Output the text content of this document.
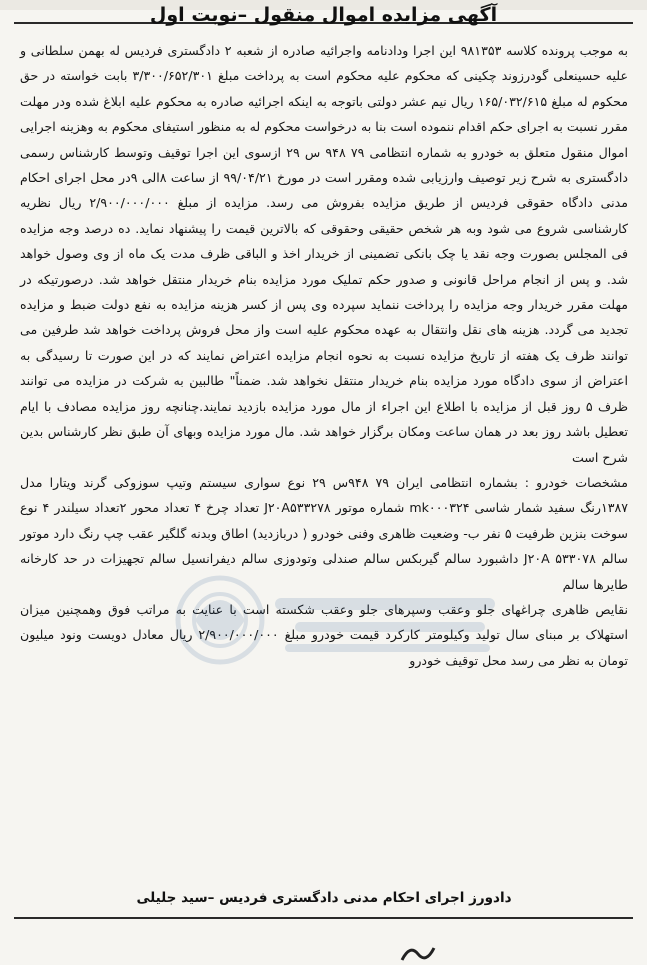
آگهی مزایده اموال منقول –نوبت اول

به موجب پرونده کلاسه ۹۸۱۳۵۳ این اجرا ودادنامه واجرائیه صادره از شعبه ۲ دادگستری فردیس له بهمن سلطانی و علیه حسینعلی گودرزوند چکینی که محکوم علیه محکوم است به پرداخت مبلغ ۳/۳۰۰/۶۵۲/۳۰۱ بابت خواسته در حق محکوم له مبلغ ۱۶۵/۰۳۲/۶۱۵ ریال نیم عشر دولتی باتوجه به اینکه اجرائیه صادره به محکوم علیه ابلاغ شده ودر مهلت مقرر نسبت به اجرای حکم اقدام ننموده است بنا به درخواست محکوم له به منظور استیفای محکوم به وهزینه اجرایی اموال منقول متعلق به خودرو به شماره انتظامی ۷۹ ۹۴۸ س ۲۹ ازسوی این اجرا توقیف وتوسط کارشناس رسمی دادگستری به شرح زیر توصیف وارزیابی شده ومقرر است در مورخ ۹۹/۰۴/۲۱ از ساعت ۸الی ۹در محل اجرای احکام مدنی دادگاه حقوقی فردیس از طریق مزایده بفروش می رسد. مزایده از مبلغ ۲/۹۰۰/۰۰۰/۰۰۰ ریال نظریه کارشناسی شروع می شود وبه هر شخص حقیقی وحقوقی که بالاترین قیمت را پیشنهاد نماید. ده درصد وجه مزایده فی المجلس بصورت وجه نقد یا چک بانکی تضمینی از خریدار اخذ و الباقی ظرف مدت یک ماه از وی وصول خواهد شد. و پس از انجام مراحل قانونی و صدور حکم تملیک مورد مزایده بنام خریدار منتقل خواهد شد. درصورتیکه در مهلت مقرر خریدار وجه مزایده را پرداخت ننماید سپرده وی پس از کسر هزینه مزایده به نفع دولت ضبط و مزایده تجدید می گردد. هزینه های نقل وانتقال به عهده محکوم علیه است واز محل فروش پرداخت خواهد شد طرفین می توانند ظرف یک هفته از تاریخ مزایده نسبت به نحوه انجام مزایده اعتراض نمایند که در این صورت تا رسیدگی به اعتراض از سوی دادگاه مورد مزایده بنام خریدار منتقل نخواهد شد. ضمناً" طالبین به شرکت در مزایده می توانند ظرف ۵ روز قبل از مزایده با اطلاع این اجراء از مال مورد مزایده بازدید نمایند.چنانچه روز مزایده مصادف با ایام تعطیل باشد روز بعد در همان ساعت ومکان برگزار خواهد شد. مال مورد مزایده وبهای آن طبق نظر کارشناس بدین شرح است

مشخصات خودرو : بشماره انتظامی ایران ۷۹ ۹۴۸س ۲۹ نوع سواری سیستم وتیپ سوزوکی گرند ویتارا مدل ۱۳۸۷رنگ سفید شمار شاسی mk۰۰۰۳۲۴ شماره موتور J۲۰A۵۳۳۲۷۸ تعداد چرخ ۴ تعداد محور ۲تعداد سیلندر ۴ نوع سوخت بنزین ظرفیت ۵ نفر ب- وضعیت ظاهری وفنی خودرو ( دربازدید) اطاق وبدنه گلگیر عقب چپ رنگ دارد موتور سالم J۲۰A ۵۳۳۰۷۸ داشبورد سالم گیربکس سالم صندلی وتودوزی سالم دیفرانسیل سالم تجهیزات در حد کارخانه طایرها سالم

نقایص ظاهری چراغهای جلو وعقب وسپرهای جلو وعقب شکسته است با عنایت به مراتب فوق وهمچنین میزان استهلاک بر مبنای سال تولید وکیلومتر کارکرد قیمت خودرو مبلغ ۲/۹۰۰/۰۰۰/۰۰۰ ریال معادل دویست ونود میلیون تومان به نظر می رسد محل توقیف خودرو

دادورز اجرای احکام مدنی دادگستری فردیس –سید جلیلی
